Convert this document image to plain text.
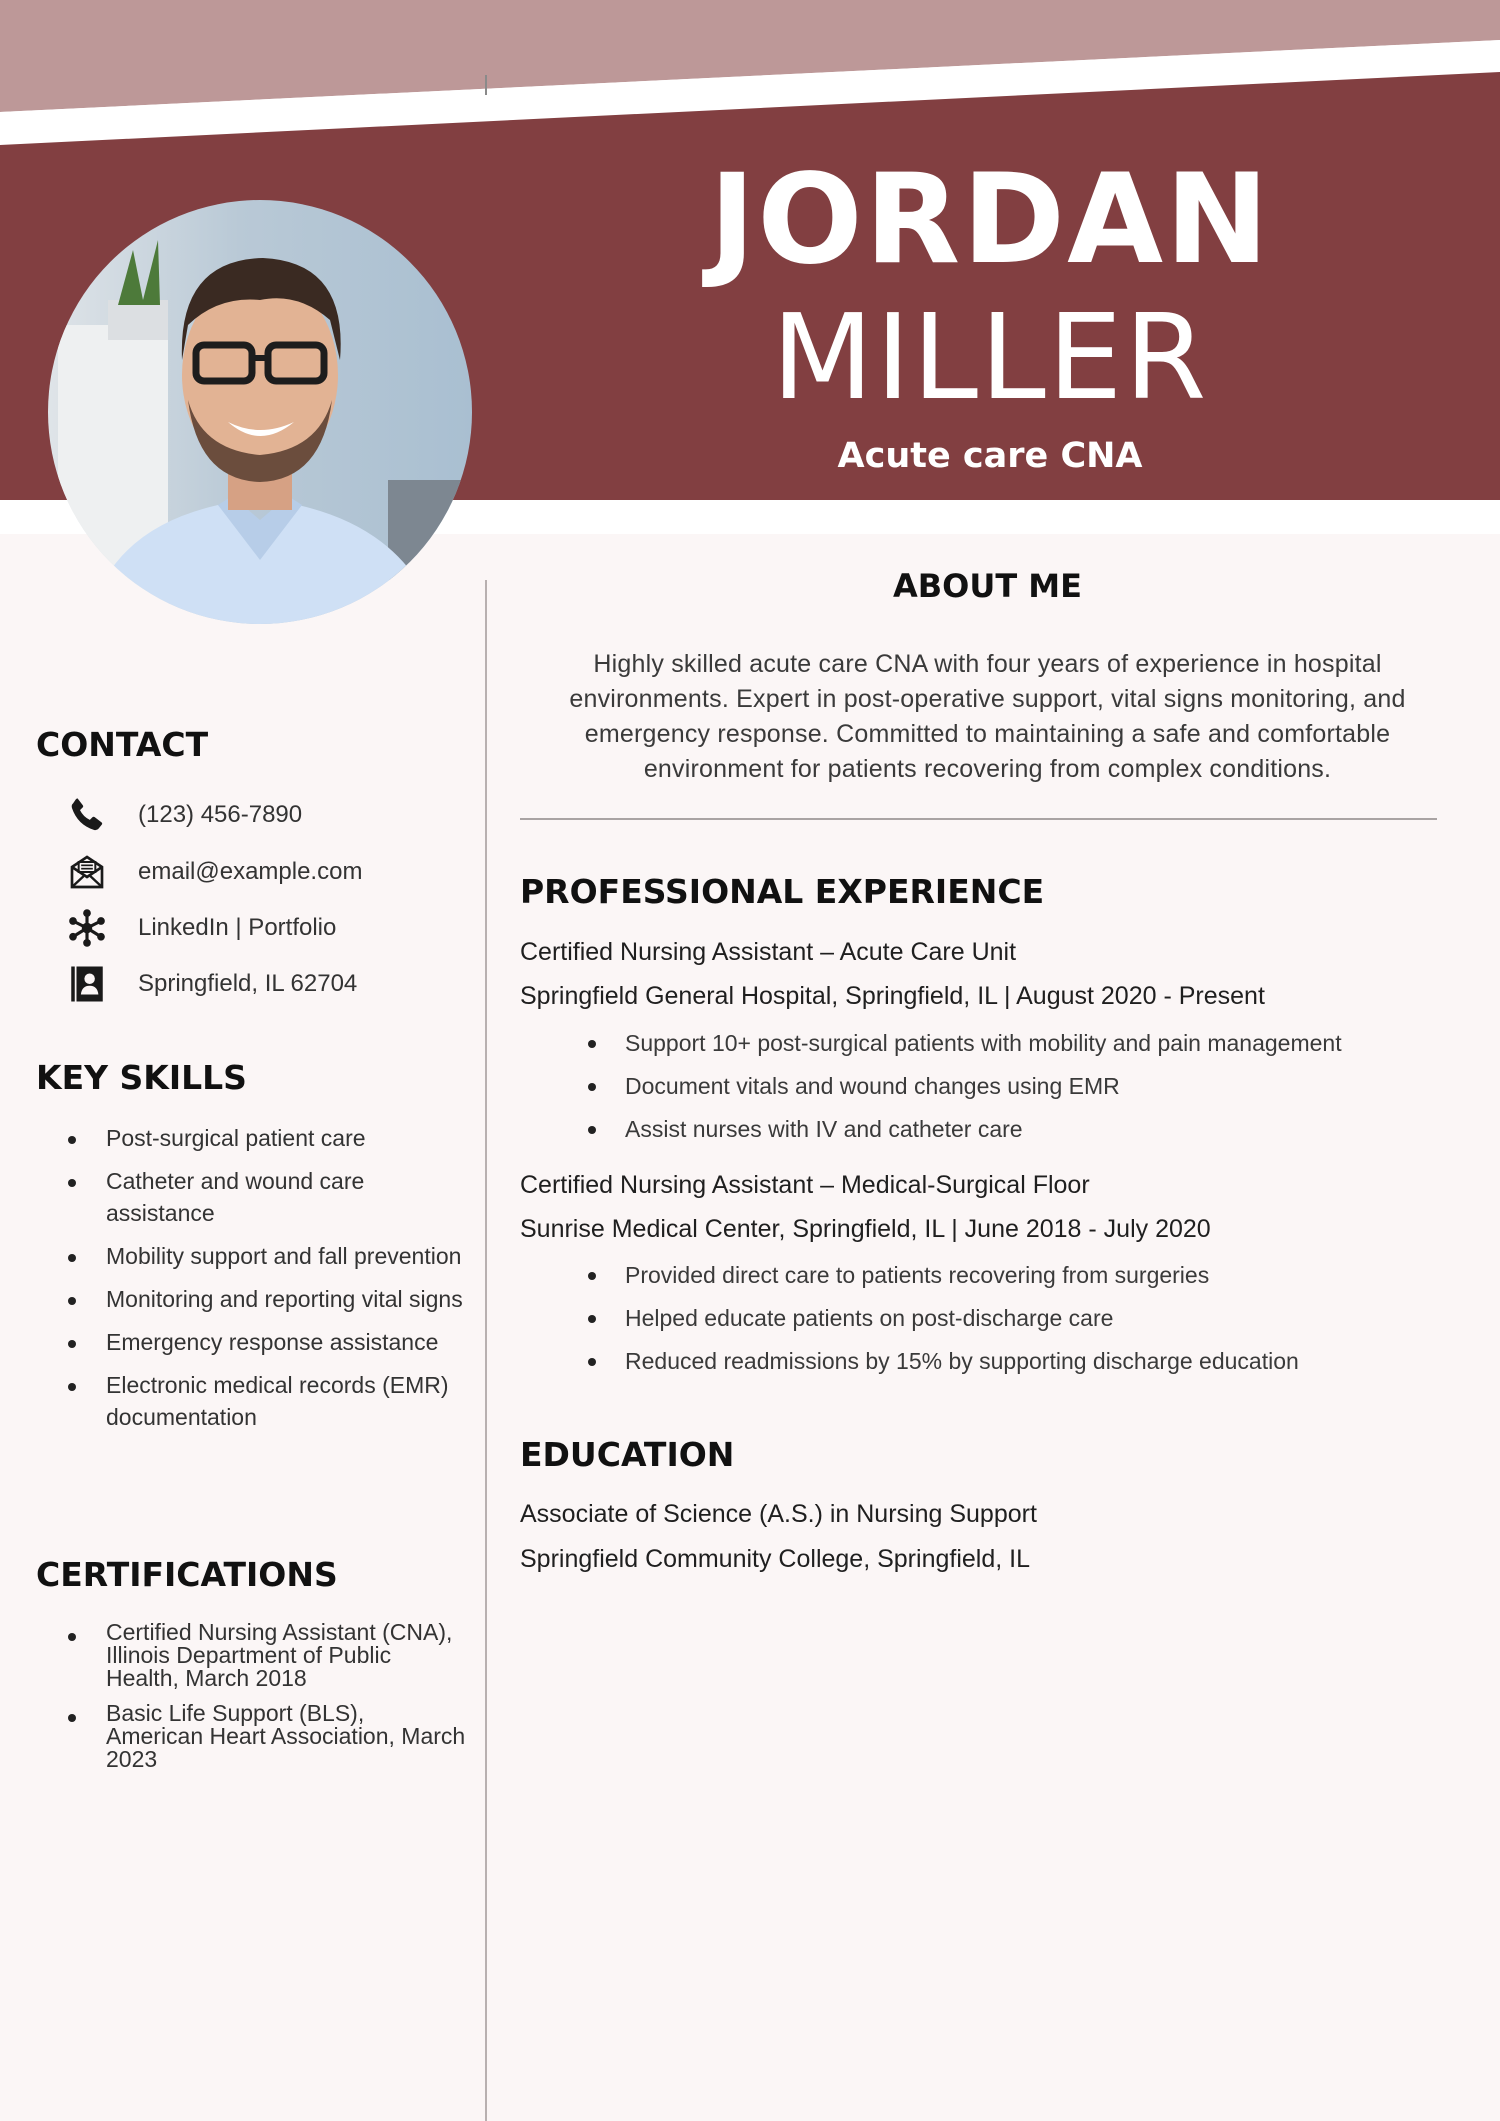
JORDAN
MILLER
Acute care CNA
CONTACT
(123) 456-7890
email@example.com
LinkedIn | Portfolio
Springfield, IL 62704
KEY SKILLS
Post-surgical patient care
Catheter and wound care assistance
Mobility support and fall prevention
Monitoring and reporting vital signs
Emergency response assistance
Electronic medical records (EMR) documentation
CERTIFICATIONS
Certified Nursing Assistant (CNA), Illinois Department of Public Health, March 2018
Basic Life Support (BLS), American Heart Association, March 2023
ABOUT ME

Highly skilled acute care CNA with four years of experience in hospital environments. Expert in post-operative support, vital signs monitoring, and emergency response. Committed to maintaining a safe and comfortable environment for patients recovering from complex conditions.

PROFESSIONAL EXPERIENCE

Certified Nursing Assistant – Acute Care Unit

Springfield General Hospital, Springfield, IL | August 2020 - Present

Support 10+ post-surgical patients with mobility and pain management
Document vitals and wound changes using EMR
Assist nurses with IV and catheter care

Certified Nursing Assistant – Medical-Surgical Floor

Sunrise Medical Center, Springfield, IL | June 2018 - July 2020

Provided direct care to patients recovering from surgeries
Helped educate patients on post-discharge care
Reduced readmissions by 15% by supporting discharge education
EDUCATION

Associate of Science (A.S.) in Nursing Support

Springfield Community College, Springfield, IL
